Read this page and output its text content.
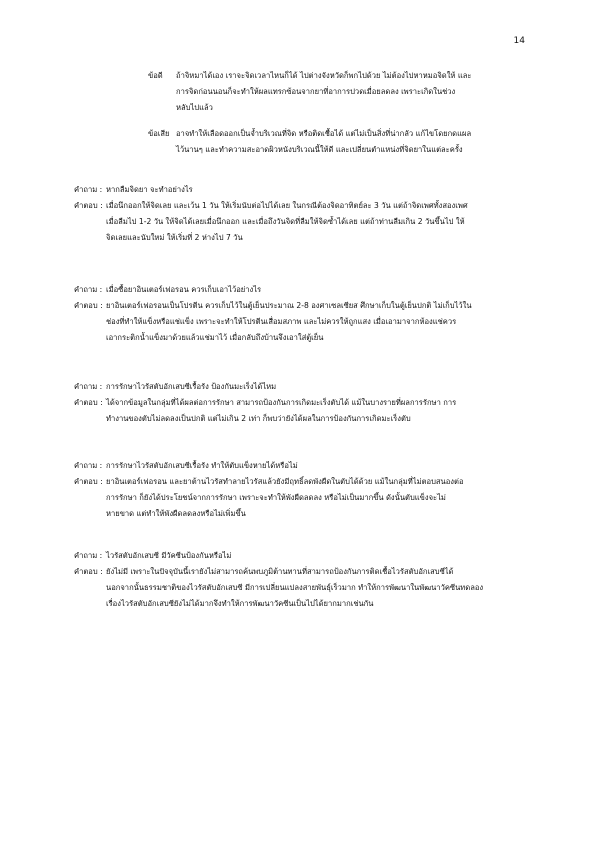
14
ข้อดี ถ้าจิหมาได้เอง เราจะจิดเวลาไหนก็ได้ ไปต่างจังหวัดก็พกไปด้วย ไม่ต้องไปหาหมอจิดให้ และ
การจิดก่อนนอนก็จะทำให้ผลแทรกซ้อนจากยาที่อาการปวดเมื่อยลดลง เพราะเกิดในช่วง
หลับไปแล้ว
ข้อเสีย อาจทำให้เลือดออกเป็นจ้ำบริเวณที่จิด หรือติดเชื้อได้ แต่ไม่เป็นสิ่งที่น่ากลัว แก้ไขโดยกดแผล
ไว้นานๆ และทำความสะอาดผิวหนังบริเวณนี้ให้ดี และเปลี่ยนตำแหน่งที่จิดยาในแต่ละครั้ง
คำถาม : หากลืมจิดยา จะทำอย่างไร
คำตอบ : เมื่อนึกออกให้จิดเลย และเว้น 1 วัน ให้เริ่มนับต่อไปได้เลย ในกรณีต้องจิดอาทิตย์ละ 3 วัน แต่ถ้าจิดเพศทั้งสองเพศ
เมื่อลืมไป 1-2 วัน ให้จิดได้เลยเมื่อนึกออก และเมื่อถึงวันจิดที่ลืมให้จิดซ้ำได้เลย แต่ถ้าท่านลืมเกิน 2 วันขึ้นไป ให้
จิดเลยและนับใหม่ ให้เริ่มที่ 2 ห่างไป 7 วัน
คำถาม : เมื่อซื้อยาอินเตอร์เฟอรอน ควรเก็บเอาไว้อย่างไร
คำตอบ : ยาอินเตอร์เฟอรอนเป็นโปรตีน ควรเก็บไว้ในตู้เย็นประมาณ 2-8 องศาเซลเซียส ศึกษาเก็บในตู้เย็นปกติ ไม่เก็บไว้ใน
ช่องที่ทำให้แข็งหรือแช่แข็ง เพราะจะทำให้โปรตีนเสื่อมสภาพ และไม่ควรให้ถูกแสง เมื่อเอามาจากห้องแช่ควร
เอากระติกน้ำแข็งมาด้วยแล้วแช่มาไว้ เมื่อกลับถึงบ้านจึงเอาใส่ตู้เย็น
คำถาม : การรักษาไวรัสตับอักเสบซีเรื้อรัง ป้องกันมะเร็งได้ไหม
คำตอบ : ได้จากข้อมูลในกลุ่มที่ได้ผลต่อการรักษา สามารถป้องกันการเกิดมะเร็งตับได้ แม้ในบางรายที่ผลการรักษา การ
ทำงานของตับไม่ลดลงเป็นปกติ แต่ไม่เกิน 2 เท่า ก็พบว่ายังได้ผลในการป้องกันการเกิดมะเร็งตับ
คำถาม : การรักษาไวรัสตับอักเสบซีเรื้อรัง ทำให้ตับแข็งหายได้หรือไม่
คำตอบ : ยาอินเตอร์เฟอรอน และยาต้านไวรัสทำลายไวรัสแล้วยังมีฤทธิ์ลดพังผืดในตับได้ด้วย แม้ในกลุ่มที่ไม่ตอบสนองต่อ
การรักษา ก็ยังได้ประโยชน์จากการรักษา เพราะจะทำให้พังผืดลดลง หรือไม่เป็นมากขึ้น ดังนั้นตับแข็งจะไม่
หายขาด แต่ทำให้พังผืดลดลงหรือไม่เพิ่มขึ้น
คำถาม : ไวรัสตับอักเสบซี มีวัคซีนป้องกันหรือไม่
คำตอบ : ยังไม่มี เพราะในปัจจุบันนี้เรายังไม่สามารถค้นพบภูมิต้านทานที่สามารถป้องกันการติดเชื้อไวรัสตับอักเสบซีได้
นอกจากนั้นธรรมชาติของไวรัสตับอักเสบซี มีการเปลี่ยนแปลงสายพันธุ์เร็วมาก ทำให้การพัฒนาในพัฒนาวัคซีนทดลอง
เรื่องไวรัสตับอักเสบซียังไม่ได้มากจึงทำให้การพัฒนาวัคซีนเป็นไปได้ยากมากเช่นกัน
